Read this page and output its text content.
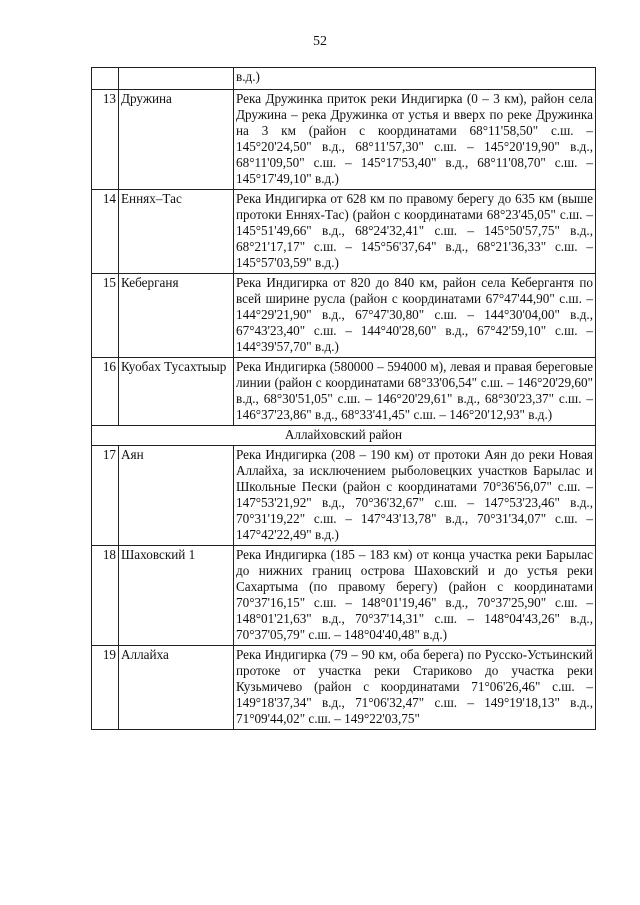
52
		в.д.)
13	Дружина	Река Дружинка приток реки Индигирка (0 – 3 км), район села Дружина – река Дружинка от устья и вверх по реке Дружинка на 3 км (район с координатами 68°11'58,50" с.ш. – 145°20'24,50" в.д., 68°11'57,30" с.ш. – 145°20'19,90" в.д., 68°11'09,50" с.ш. – 145°17'53,40" в.д., 68°11'08,70" с.ш. – 145°17'49,10" в.д.)
14	Еннях–Тас	Река Индигирка от 628 км по правому берегу до 635 км (выше протоки Еннях-Тас) (район с координатами 68°23'45,05" с.ш. – 145°51'49,66" в.д., 68°24'32,41" с.ш. – 145°50'57,75" в.д., 68°21'17,17" с.ш. – 145°56'37,64" в.д., 68°21'36,33" с.ш. – 145°57'03,59" в.д.)
15	Кеберганя	Река Индигирка от 820 до 840 км, район села Кебергантя по всей ширине русла (район с координатами 67°47'44,90" с.ш. – 144°29'21,90" в.д., 67°47'30,80" с.ш. – 144°30'04,00" в.д., 67°43'23,40" с.ш. – 144°40'28,60" в.д., 67°42'59,10" с.ш. – 144°39'57,70" в.д.)
16	Куобах Тусахтыыр	Река Индигирка (580000 – 594000 м), левая и правая береговые линии (район с координатами 68°33'06,54" с.ш. – 146°20'29,60" в.д., 68°30'51,05" с.ш. – 146°20'29,61" в.д., 68°30'23,37" с.ш. – 146°37'23,86" в.д., 68°33'41,45" с.ш. – 146°20'12,93" в.д.)
Аллайховский район		
17	Аян	Река Индигирка (208 – 190 км) от протоки Аян до реки Новая Аллайха, за исключением рыболовецких участков Барылас и Школьные Пески (район с координатами 70°36'56,07" с.ш. – 147°53'21,92" в.д., 70°36'32,67" с.ш. – 147°53'23,46" в.д., 70°31'19,22" с.ш. – 147°43'13,78" в.д., 70°31'34,07" с.ш. – 147°42'22,49" в.д.)
18	Шаховский 1	Река Индигирка (185 – 183 км) от конца участка реки Барылас до нижних границ острова Шаховский и до устья реки Сахартыма (по правому берегу) (район с координатами 70°37'16,15" с.ш. – 148°01'19,46" в.д., 70°37'25,90" с.ш. – 148°01'21,63" в.д., 70°37'14,31" с.ш. – 148°04'43,26" в.д., 70°37'05,79" с.ш. – 148°04'40,48" в.д.)
19	Аллайха	Река Индигирка (79 – 90 км, оба берега) по Русско-Устьинский протоке от участка реки Стариково до участка реки Кузьмичево (район с координатами 71°06'26,46" с.ш. – 149°18'37,34" в.д., 71°06'32,47" с.ш. – 149°19'18,13" в.д., 71°09'44,02" с.ш. – 149°22'03,75"
